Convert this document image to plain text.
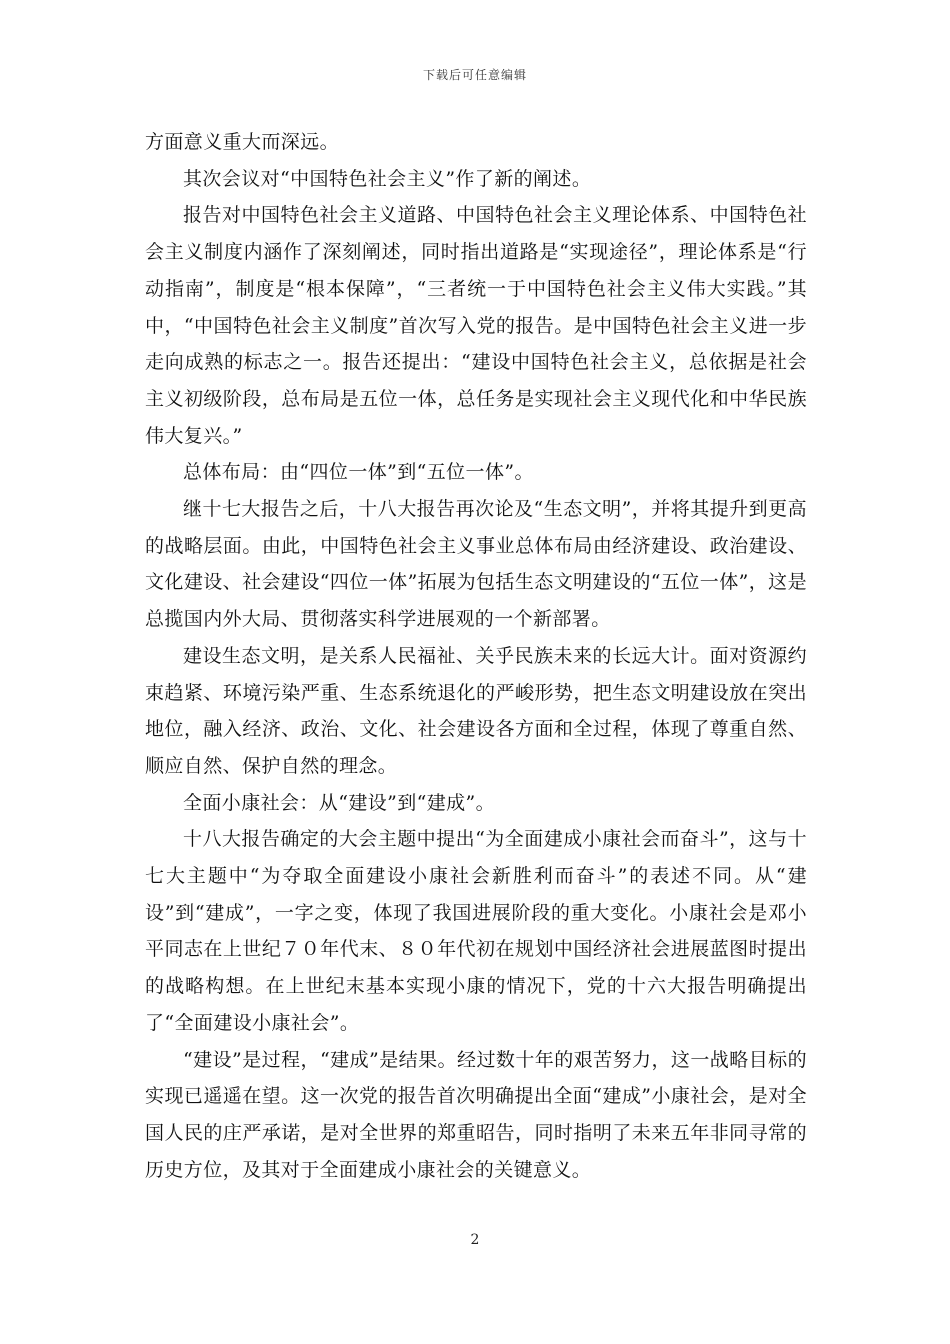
下载后可任意编辑

方面意义重大而深远。

其次会议对“中国特色社会主义”作了新的阐述。

报告对中国特色社会主义道路、中国特色社会主义理论体系、中国特色社会主义制度内涵作了深刻阐述，同时指出道路是“实现途径”，理论体系是“行动指南”，制度是“根本保障”，“三者统一于中国特色社会主义伟大实践。”其中，“中国特色社会主义制度”首次写入党的报告。是中国特色社会主义进一步走向成熟的标志之一。报告还提出：“建设中国特色社会主义，总依据是社会主义初级阶段，总布局是五位一体，总任务是实现社会主义现代化和中华民族伟大复兴。”

总体布局：由“四位一体”到“五位一体”。

继十七大报告之后，十八大报告再次论及“生态文明”，并将其提升到更高的战略层面。由此，中国特色社会主义事业总体布局由经济建设、政治建设、文化建设、社会建设“四位一体”拓展为包括生态文明建设的“五位一体”，这是总揽国内外大局、贯彻落实科学进展观的一个新部署。

建设生态文明，是关系人民福祉、关乎民族未来的长远大计。面对资源约束趋紧、环境污染严重、生态系统退化的严峻形势，把生态文明建设放在突出地位，融入经济、政治、文化、社会建设各方面和全过程，体现了尊重自然、顺应自然、保护自然的理念。

全面小康社会：从“建设”到“建成”。

十八大报告确定的大会主题中提出“为全面建成小康社会而奋斗”，这与十七大主题中“为夺取全面建设小康社会新胜利而奋斗”的表述不同。从“建设”到“建成”，一字之变，体现了我国进展阶段的重大变化。小康社会是邓小平同志在上世纪７０年代末、８０年代初在规划中国经济社会进展蓝图时提出的战略构想。在上世纪末基本实现小康的情况下，党的十六大报告明确提出了“全面建设小康社会”。

“建设”是过程，“建成”是结果。经过数十年的艰苦努力，这一战略目标的实现已遥遥在望。这一次党的报告首次明确提出全面“建成”小康社会，是对全国人民的庄严承诺，是对全世界的郑重昭告，同时指明了未来五年非同寻常的历史方位，及其对于全面建成小康社会的关键意义。

2
